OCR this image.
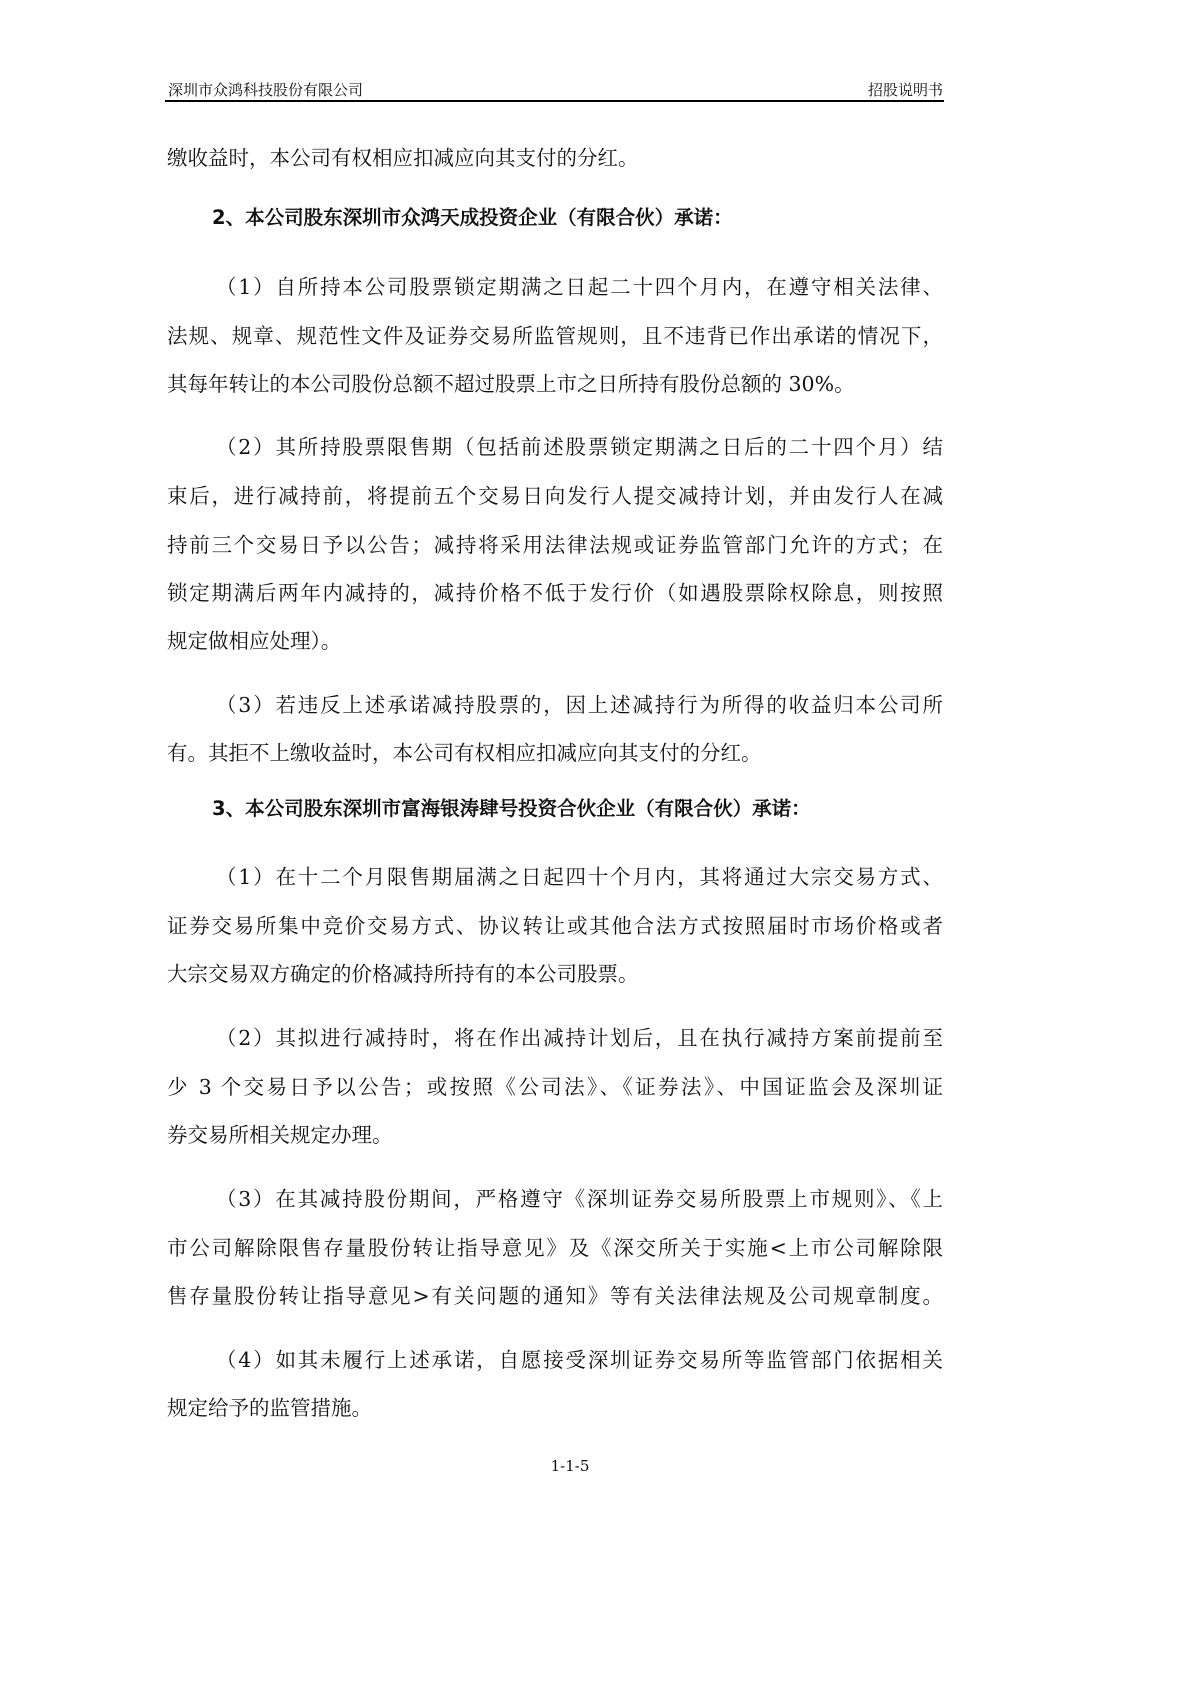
深圳市众鸿科技股份有限公司	招股说明书
缴收益时，本公司有权相应扣减应向其支付的分红。
2、本公司股东深圳市众鸿天成投资企业（有限合伙）承诺：
（1）自所持本公司股票锁定期满之日起二十四个月内，在遵守相关法律、
法规、规章、规范性文件及证券交易所监管规则，且不违背已作出承诺的情况下，
其每年转让的本公司股份总额不超过股票上市之日所持有股份总额的 30%。
（2）其所持股票限售期（包括前述股票锁定期满之日后的二十四个月）结
束后，进行减持前，将提前五个交易日向发行人提交减持计划，并由发行人在减
持前三个交易日予以公告；减持将采用法律法规或证券监管部门允许的方式；在
锁定期满后两年内减持的，减持价格不低于发行价（如遇股票除权除息，则按照
规定做相应处理）。
（3）若违反上述承诺减持股票的，因上述减持行为所得的收益归本公司所
有。其拒不上缴收益时，本公司有权相应扣减应向其支付的分红。
3、本公司股东深圳市富海银涛肆号投资合伙企业（有限合伙）承诺：
（1）在十二个月限售期届满之日起四十个月内，其将通过大宗交易方式、
证券交易所集中竞价交易方式、协议转让或其他合法方式按照届时市场价格或者
大宗交易双方确定的价格减持所持有的本公司股票。
（2）其拟进行减持时，将在作出减持计划后，且在执行减持方案前提前至
少 3 个交易日予以公告；或按照《公司法》、《证券法》、中国证监会及深圳证
券交易所相关规定办理。
（3）在其减持股份期间，严格遵守《深圳证券交易所股票上市规则》、《上
市公司解除限售存量股份转让指导意见》及《深交所关于实施<上市公司解除限
售存量股份转让指导意见>有关问题的通知》等有关法律法规及公司规章制度。
（4）如其未履行上述承诺，自愿接受深圳证券交易所等监管部门依据相关
规定给予的监管措施。
1-1-5
